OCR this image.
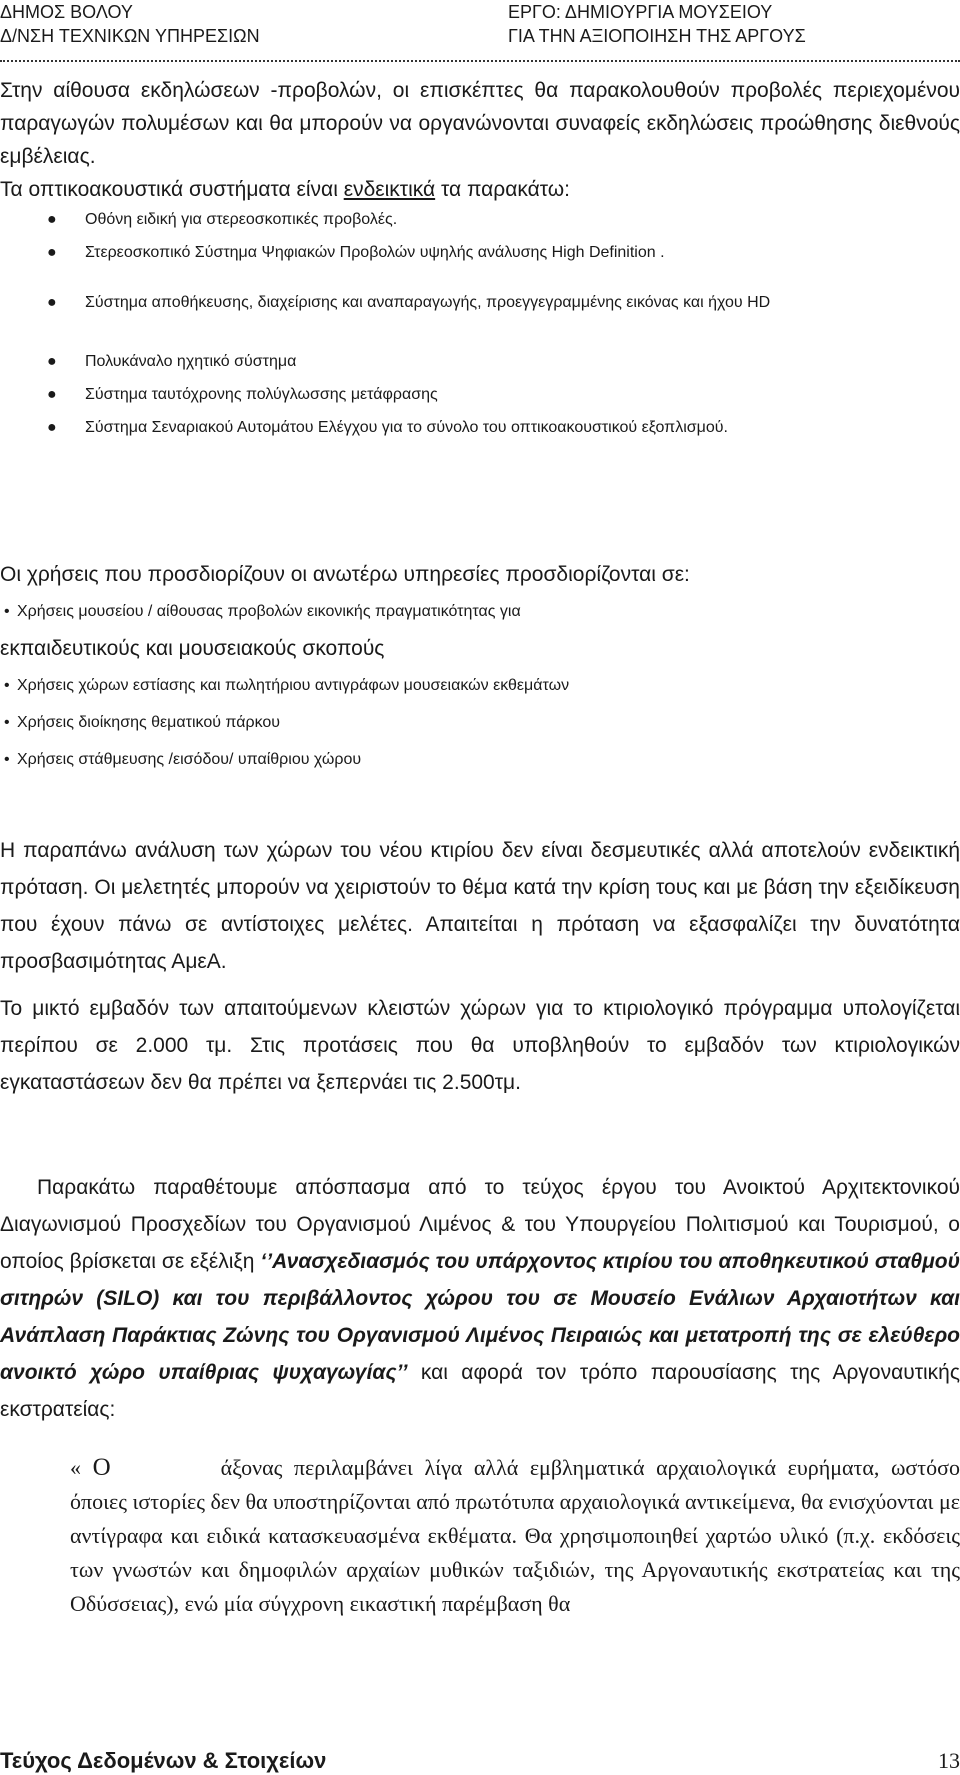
ΔΗΜΟΣ ΒΟΛΟΥ
Δ/ΝΣΗ ΤΕΧΝΙΚΩΝ ΥΠΗΡΕΣΙΩΝ
ΕΡΓΟ: ΔΗΜΙΟΥΡΓΙΑ ΜΟΥΣΕΙΟΥ
ΓΙΑ ΤΗΝ ΑΞΙΟΠΟΙΗΣΗ ΤΗΣ ΑΡΓΟΥΣ
Στην αίθουσα εκδηλώσεων -προβολών, οι επισκέπτες θα παρακολουθούν προβολές περιεχομένου παραγωγών πολυμέσων και θα μπορούν να οργανώνονται συναφείς εκδηλώσεις προώθησης διεθνούς εμβέλειας.
Τα οπτικοακουστικά συστήματα είναι ενδεικτικά τα παρακάτω:
● Οθόνη ειδική για στερεοσκοπικές προβολές.
● Στερεοσκοπικό Σύστημα Ψηφιακών Προβολών υψηλής ανάλυσης High Definition .
● Σύστημα αποθήκευσης, διαχείρισης και αναπαραγωγής, προεγγεγραμμένης εικόνας και ήχου HD
● Πολυκάναλο ηχητικό σύστημα
● Σύστημα ταυτόχρονης πολύγλωσσης μετάφρασης
● Σύστημα Σεναριακού Αυτομάτου Ελέγχου για το σύνολο του οπτικοακουστικού εξοπλισμού.
Οι χρήσεις που προσδιορίζουν οι ανωτέρω υπηρεσίες προσδιορίζονται σε:
• Χρήσεις μουσείου / αίθουσας προβολών εικονικής πραγματικότητας για
εκπαιδευτικούς και μουσειακούς σκοπούς
• Χρήσεις χώρων εστίασης και πωλητήριου αντιγράφων μουσειακών εκθεμάτων
• Χρήσεις διοίκησης θεματικού πάρκου
• Χρήσεις στάθμευσης /εισόδου/ υπαίθριου χώρου
Η παραπάνω ανάλυση των χώρων του νέου κτιρίου δεν είναι δεσμευτικές αλλά αποτελούν ενδεικτική πρόταση. Οι μελετητές μπορούν να χειριστούν το θέμα κατά την κρίση τους και με βάση την εξειδίκευση που έχουν πάνω σε αντίστοιχες μελέτες. Απαιτείται η πρόταση να εξασφαλίζει την δυνατότητα προσβασιμότητας ΑμεΑ.
Το μικτό εμβαδόν των απαιτούμενων κλειστών χώρων για το κτιριολογικό πρόγραμμα υπολογίζεται περίπου σε 2.000 τμ. Στις προτάσεις που θα υποβληθούν το εμβαδόν των κτιριολογικών εγκαταστάσεων δεν θα πρέπει να ξεπερνάει τις 2.500τμ.
Παρακάτω παραθέτουμε απόσπασμα από το τεύχος έργου του Ανοικτού Αρχιτεκτονικού Διαγωνισμού Προσχεδίων του Οργανισμού Λιμένος & του Υπουργείου Πολιτισμού και Τουρισμού, ο οποίος βρίσκεται σε εξέλιξη ‘’Ανασχεδιασμός του υπάρχοντος κτιρίου του αποθηκευτικού σταθμού σιτηρών (SILO) και του περιβάλλοντος χώρου του σε Μουσείο Ενάλιων Αρχαιοτήτων και Ανάπλαση Παράκτιας Ζώνης του Οργανισμού Λιμένος Πειραιώς και μετατροπή της σε ελεύθερο ανοικτό χώρο υπαίθριας ψυχαγωγίας’’ και αφορά τον τρόπο παρουσίασης της Αργοναυτικής εκστρατείας:
« Ο	άξονας περιλαμβάνει λίγα αλλά εμβληματικά αρχαιολογικά ευρήματα, ωστόσο όποιες ιστορίες δεν θα υποστηρίζονται από πρωτότυπα αρχαιολογικά αντικείμενα, θα ενισχύονται με αντίγραφα και ειδικά κατασκευασμένα εκθέματα. Θα χρησιμοποιηθεί χαρτώο υλικό (π.χ. εκδόσεις των γνωστών και δημοφιλών αρχαίων μυθικών ταξιδιών, της Αργοναυτικής εκστρατείας και της Οδύσσειας), ενώ μία σύγχρονη εικαστική παρέμβαση θα
Τεύχος Δεδομένων & Στοιχείων	13
